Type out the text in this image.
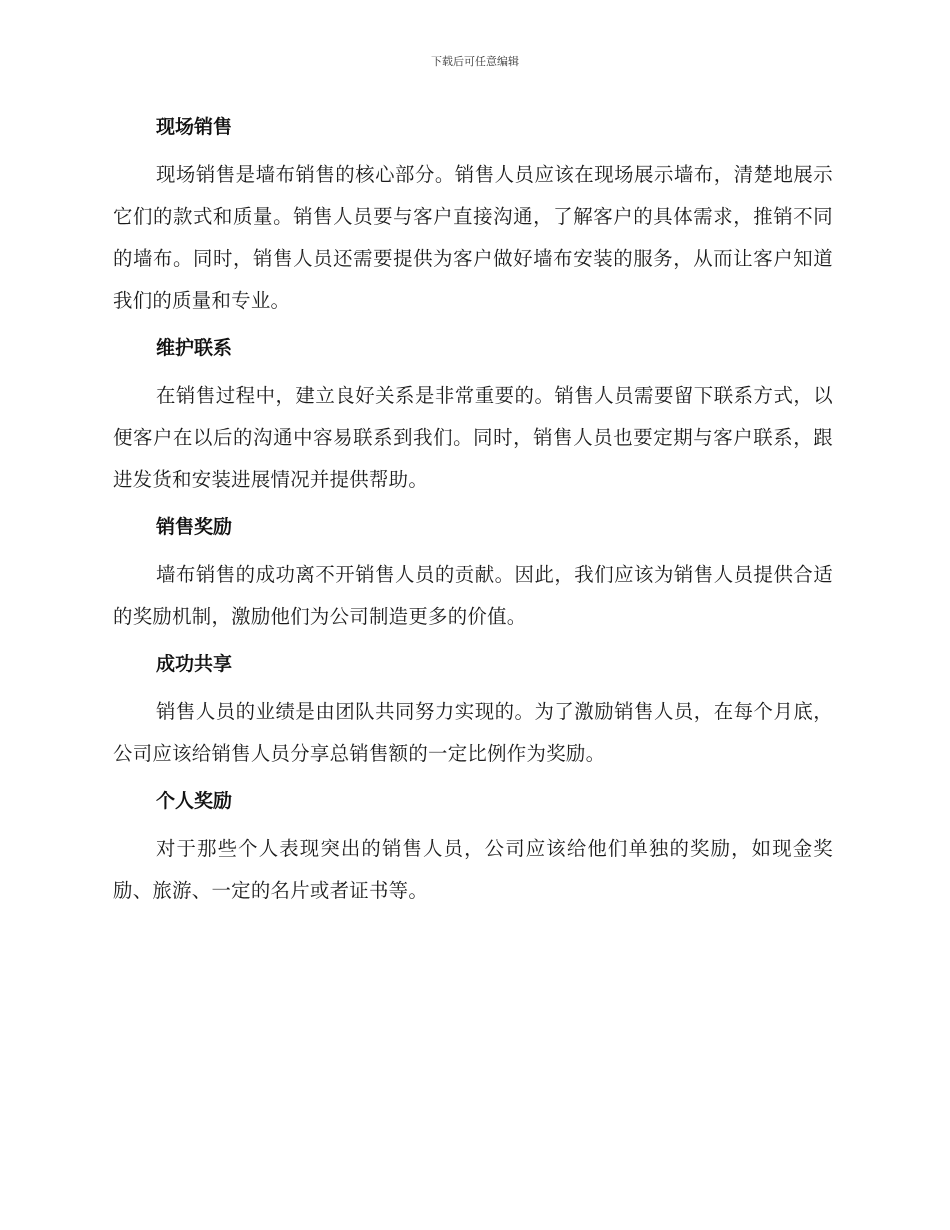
下载后可任意编辑
现场销售

现场销售是墙布销售的核心部分。销售人员应该在现场展示墙布，清楚地展示它们的款式和质量。销售人员要与客户直接沟通，了解客户的具体需求，推销不同的墙布。同时，销售人员还需要提供为客户做好墙布安装的服务，从而让客户知道我们的质量和专业。

维护联系

在销售过程中，建立良好关系是非常重要的。销售人员需要留下联系方式，以便客户在以后的沟通中容易联系到我们。同时，销售人员也要定期与客户联系，跟进发货和安装进展情况并提供帮助。

销售奖励

墙布销售的成功离不开销售人员的贡献。因此，我们应该为销售人员提供合适的奖励机制，激励他们为公司制造更多的价值。

成功共享

销售人员的业绩是由团队共同努力实现的。为了激励销售人员，在每个月底，公司应该给销售人员分享总销售额的一定比例作为奖励。

个人奖励

对于那些个人表现突出的销售人员，公司应该给他们单独的奖励，如现金奖励、旅游、一定的名片或者证书等。
